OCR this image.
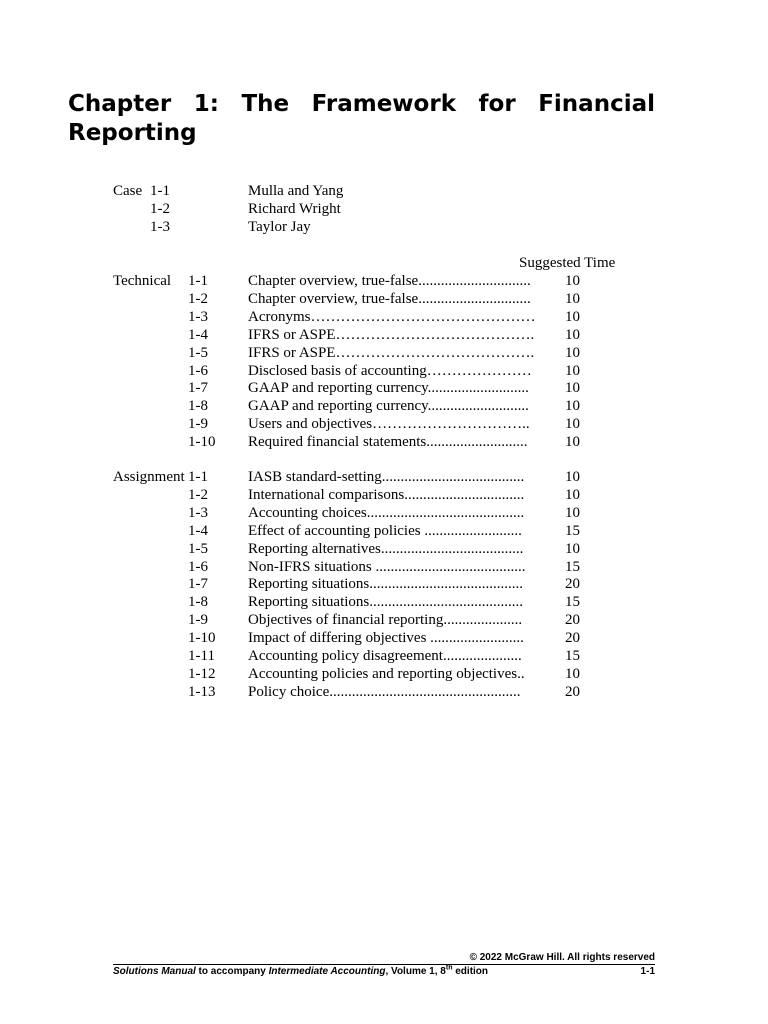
Chapter 1: The Framework for Financial Reporting
Case 1-1	Mulla and Yang
1-2	Richard Wright
1-3	Taylor Jay
Suggested Time
Technical 1-1	Chapter overview, true-false.............................. 10
1-2	Chapter overview, true-false.............................. 10
1-3	Acronyms……………………………………… 10
1-4	IFRS or ASPE…………………………………. 10
1-5	IFRS or ASPE…………………………………. 10
1-6	Disclosed basis of accounting………………… 10
1-7	GAAP and reporting currency........................... 10
1-8	GAAP and reporting currency........................... 10
1-9	Users and objectives………………………….. 10
1-10 Required financial statements........................... 10
Assignment 1-1	IASB standard-setting......................................	10
1-2	International comparisons................................	10
1-3	Accounting choices..........................................	10
1-4	Effect of accounting policies ..........................	15
1-5	Reporting alternatives......................................	10
1-6	Non-IFRS situations ........................................	15
1-7	Reporting situations.........................................	20
1-8	Reporting situations.........................................	15
1-9	Objectives of financial reporting.....................	20
1-10 Impact of differing objectives .........................	20
1-11 Accounting policy disagreement.....................	15
1-12 Accounting policies and reporting objectives..	10
1-13 Policy choice...................................................	20
© 2022 McGraw Hill. All rights reserved
Solutions Manual to accompany Intermediate Accounting, Volume 1, 8th edition	1-1
